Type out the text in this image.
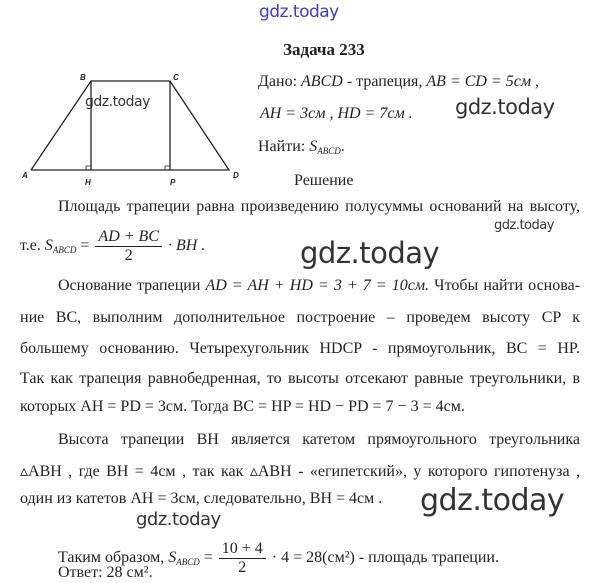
gdz.today
Задача 233
A
B	C
D
H	P
gdz.today
Дано: ABCD - трапеция, AB = CD = 5см ,
AH = 3см , HD = 7см . gdz.today
Найти: $S_{ABCD}$.
Решение
Площадь трапеции равна произведению полусуммы оснований на высоту,
gdz.today
т.е. $S_{ABCD} = \frac{AD + BC}{2}$ · BH .	gdz.today
Основание трапеции AD = AH + HD = 3 + 7 = 10см. Чтобы найти основа-
ние BC, выполним дополнительное построение – проведем высоту CP к
большему основанию. Четырехугольник HDCP - прямоугольник, BC = HP.
Так как трапеция равнобедренная, то высоты отсекают равные треугольники, в
которых AH = PD = 3см. Тогда BC = HP = HD − PD = 7 − 3 = 4см.
Высота трапеции BH является катетом прямоугольного треугольника
▵ABH , где BH = 4см , так как ▵ABH - «египетский», у которого гипотенуза ,
один из катетов AH = 3см, следовательно, BH = 4см . gdz.today
gdz.today
Таким образом, $S_{ABCD} = \frac{10 + 4}{2} \cdot 4 = 28(см^2)$ - площадь трапеции.
Ответ: 28 см².
